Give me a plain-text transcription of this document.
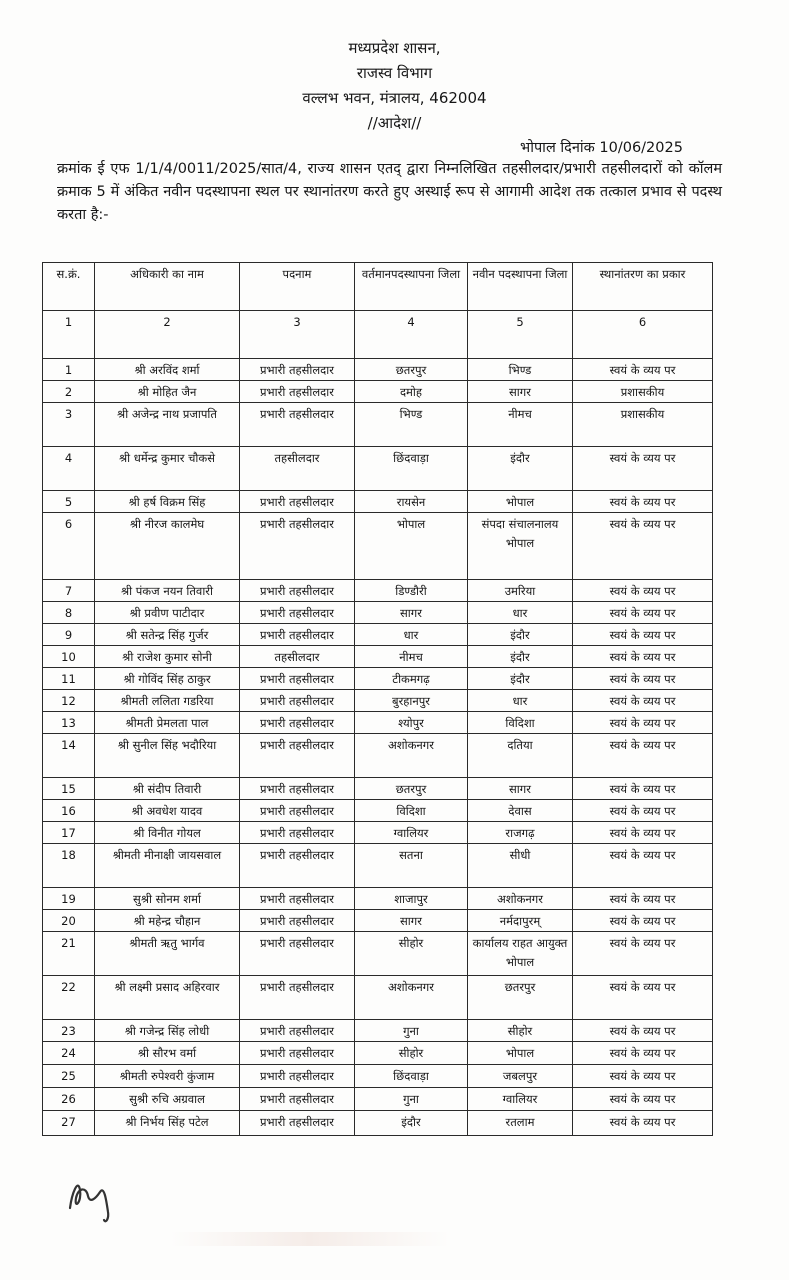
मध्यप्रदेश शासन,
राजस्व विभाग
वल्लभ भवन, मंत्रालय, 462004
//आदेश//
भोपाल दिनांक 10/06/2025
क्रमांक ई एफ 1/1/4/0011/2025/सात/4, राज्य शासन एतद् द्वारा निम्नलिखित तहसीलदार/प्रभारी तहसीलदारों को कॉलम क्रमाक 5 में अंकित नवीन पदस्थापना स्थल पर स्थानांतरण करते हुए अस्थाई रूप से आगामी आदेश तक तत्काल प्रभाव से पदस्थ करता है:-
स.क्रं.	अधिकारी का नाम	पदनाम	वर्तमानपदस्थापना जिला	नवीन पदस्थापना जिला	स्थानांतरण का प्रकार
1	2	3	4	5	6
1	श्री अरविंद शर्मा	प्रभारी तहसीलदार	छतरपुर	भिण्ड	स्वयं के व्यय पर
2	श्री मोहित जैन	प्रभारी तहसीलदार	दमोह	सागर	प्रशासकीय
3	श्री अजेन्द्र नाथ प्रजापति	प्रभारी तहसीलदार	भिण्ड	नीमच	प्रशासकीय
4	श्री धर्मेन्द्र कुमार चौकसे	तहसीलदार	छिंदवाड़ा	इंदौर	स्वयं के व्यय पर
5	श्री हर्ष विक्रम सिंह	प्रभारी तहसीलदार	रायसेन	भोपाल	स्वयं के व्यय पर
6	श्री नीरज कालमेघ	प्रभारी तहसीलदार	भोपाल	संपदा संचालनालय भोपाल	स्वयं के व्यय पर
7	श्री पंकज नयन तिवारी	प्रभारी तहसीलदार	डिण्डौरी	उमरिया	स्वयं के व्यय पर
8	श्री प्रवीण पाटीदार	प्रभारी तहसीलदार	सागर	धार	स्वयं के व्यय पर
9	श्री सतेन्द्र सिंह गुर्जर	प्रभारी तहसीलदार	धार	इंदौर	स्वयं के व्यय पर
10	श्री राजेश कुमार सोनी	तहसीलदार	नीमच	इंदौर	स्वयं के व्यय पर
11	श्री गोविंद सिंह ठाकुर	प्रभारी तहसीलदार	टीकमगढ़	इंदौर	स्वयं के व्यय पर
12	श्रीमती ललिता गडरिया	प्रभारी तहसीलदार	बुरहानपुर	धार	स्वयं के व्यय पर
13	श्रीमती प्रेमलता पाल	प्रभारी तहसीलदार	श्योपुर	विदिशा	स्वयं के व्यय पर
14	श्री सुनील सिंह भदौरिया	प्रभारी तहसीलदार	अशोकनगर	दतिया	स्वयं के व्यय पर
15	श्री संदीप तिवारी	प्रभारी तहसीलदार	छतरपुर	सागर	स्वयं के व्यय पर
16	श्री अवधेश यादव	प्रभारी तहसीलदार	विदिशा	देवास	स्वयं के व्यय पर
17	श्री विनीत गोयल	प्रभारी तहसीलदार	ग्वालियर	राजगढ़	स्वयं के व्यय पर
18	श्रीमती मीनाक्षी जायसवाल	प्रभारी तहसीलदार	सतना	सीधी	स्वयं के व्यय पर
19	सुश्री सोनम शर्मा	प्रभारी तहसीलदार	शाजापुर	अशोकनगर	स्वयं के व्यय पर
20	श्री महेन्द्र चौहान	प्रभारी तहसीलदार	सागर	नर्मदापुरम्	स्वयं के व्यय पर
21	श्रीमती ऋतु भार्गव	प्रभारी तहसीलदार	सीहोर	कार्यालय राहत आयुक्त भोपाल	स्वयं के व्यय पर
22	श्री लक्ष्मी प्रसाद अहिरवार	प्रभारी तहसीलदार	अशोकनगर	छतरपुर	स्वयं के व्यय पर
23	श्री गजेन्द्र सिंह लोधी	प्रभारी तहसीलदार	गुना	सीहोर	स्वयं के व्यय पर
24	श्री सौरभ वर्मा	प्रभारी तहसीलदार	सीहोर	भोपाल	स्वयं के व्यय पर
25	श्रीमती रुपेश्वरी कुंजाम	प्रभारी तहसीलदार	छिंदवाड़ा	जबलपुर	स्वयं के व्यय पर
26	सुश्री रुचि अग्रवाल	प्रभारी तहसीलदार	गुना	ग्वालियर	स्वयं के व्यय पर
27	श्री निर्भय सिंह पटेल	प्रभारी तहसीलदार	इंदौर	रतलाम	स्वयं के व्यय पर
